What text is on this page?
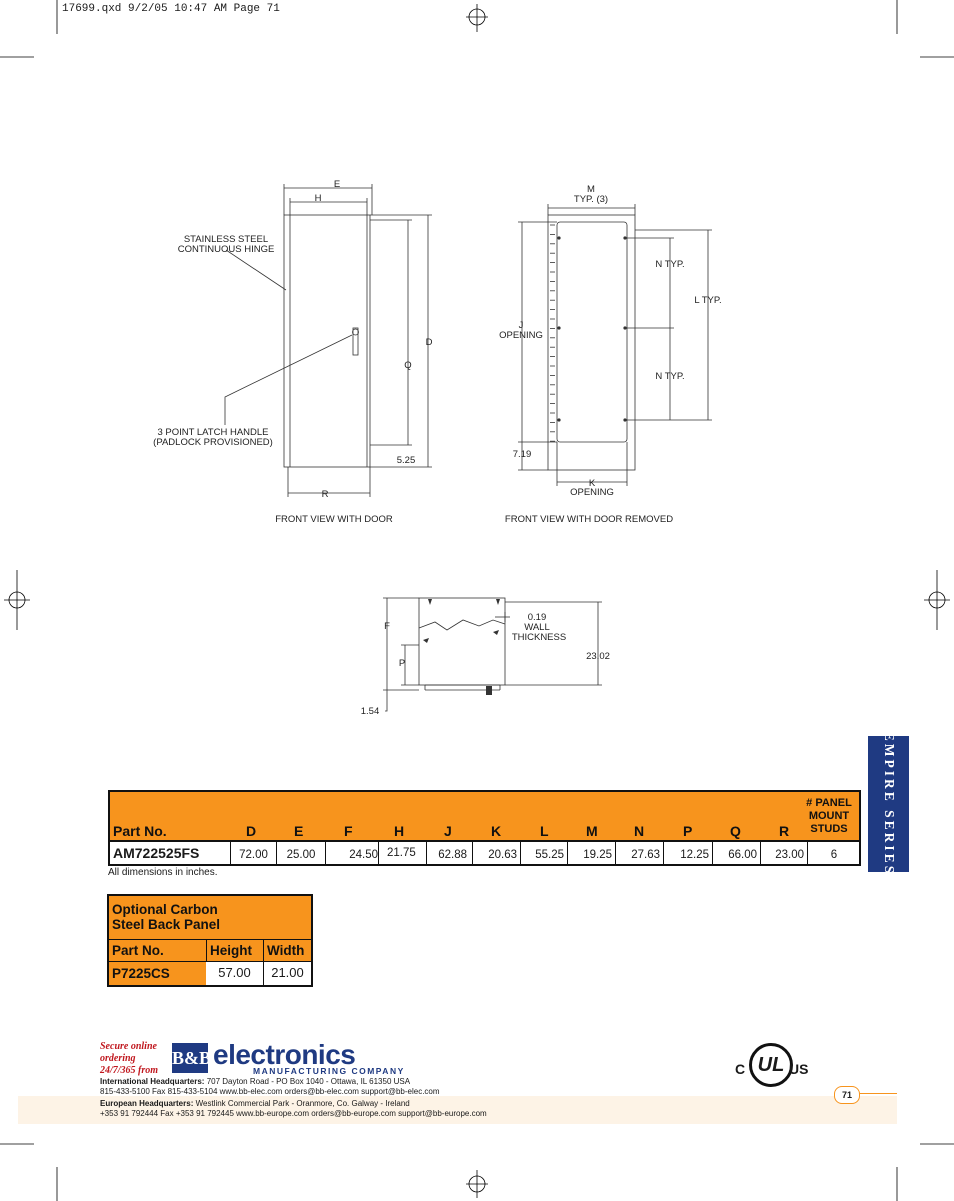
17699.qxd 9/2/05 10:47 AM Page 71
E
H
D
Q
R
5.25
STAINLESS STEEL
CONTINUOUS HINGE
3 POINT LATCH HANDLE
(PADLOCK PROVISIONED)
FRONT VIEW WITH DOOR
M
TYP. (3)
N TYP.
N TYP.
L TYP.
J
OPENING
7.19
K
OPENING
FRONT VIEW WITH DOOR REMOVED
F
P
1.54
23.02
0.19
WALL
THICKNESS
EMPIRE SERIES
Part No.	D	E	F	H	J	K	L	M	N	P	Q	R
# PANEL
MOUNT
STUDS
AM722525FS	72.00	25.00	24.50 21.75	62.88	20.63	55.25	19.25	27.63	12.25	66.00	23.00	6
All dimensions in inches.
Optional Carbon
Steel Back Panel
Part No.	Height Width
P7225CS	57.00	21.00
Secure online
ordering
24/7/365 from
B&B electronics
MANUFACTURING COMPANY
International Headquarters: 707 Dayton Road - PO Box 1040 - Ottawa, IL 61350 USA
815-433-5100 Fax 815-433-5104 www.bb-elec.com orders@bb-elec.com support@bb-elec.com
European Headquarters: Westlink Commercial Park - Oranmore, Co. Galway - Ireland
+353 91 792444 Fax +353 91 792445 www.bb-europe.com orders@bb-europe.com support@bb-europe.com
C UL US
71
